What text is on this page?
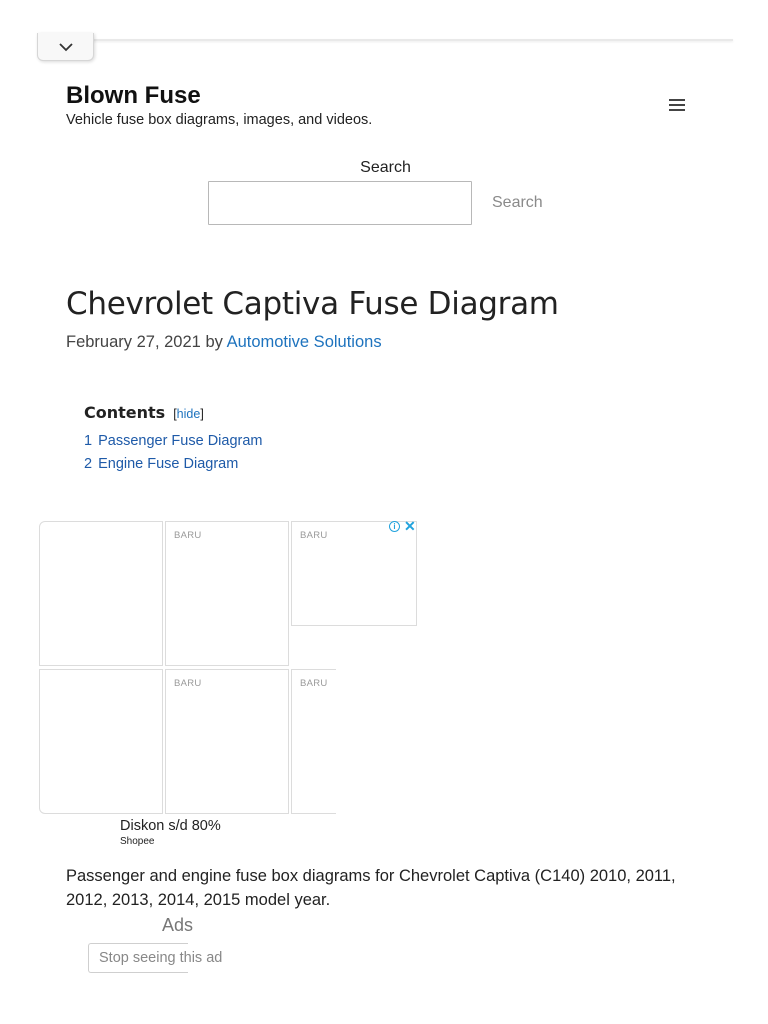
Blown Fuse
Vehicle fuse box diagrams, images, and videos.
Search
Search
Chevrolet Captiva Fuse Diagram
February 27, 2021 by Automotive Solutions
Contents [hide]
1 Passenger Fuse Diagram
2 Engine Fuse Diagram
BARU	BARU
BARU	BARU
i ✕
Diskon s/d 80%
Shopee

Passenger and engine fuse box diagrams for Chevrolet Captiva (C140) 2010, 2011, 2012, 2013, 2014, 2015 model year.

Ads
Stop seeing this ad
